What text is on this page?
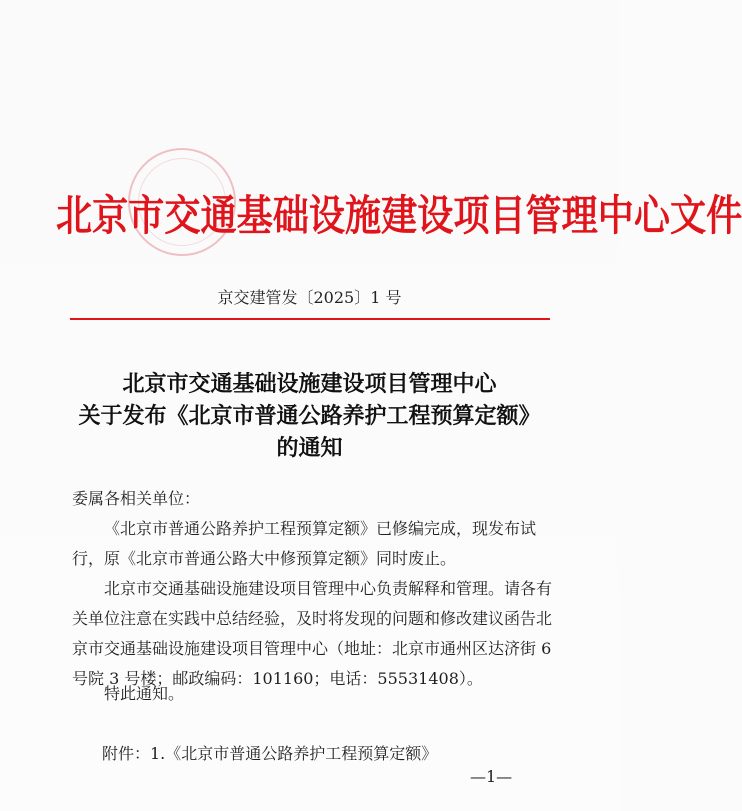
北京市交通基础设施建设项目管理中心文件
京交建管发〔2025〕1 号
北京市交通基础设施建设项目管理中心
关于发布《北京市普通公路养护工程预算定额》
的通知
委属各相关单位：
《北京市普通公路养护工程预算定额》已修编完成，现发布试行，原《北京市普通公路大中修预算定额》同时废止。
北京市交通基础设施建设项目管理中心负责解释和管理。请各有关单位注意在实践中总结经验，及时将发现的问题和修改建议函告北京市交通基础设施建设项目管理中心（地址：北京市通州区达济街 6 号院 3 号楼；邮政编码：101160；电话：55531408）。
特此通知。
附件：1.《北京市普通公路养护工程预算定额》
—1—
